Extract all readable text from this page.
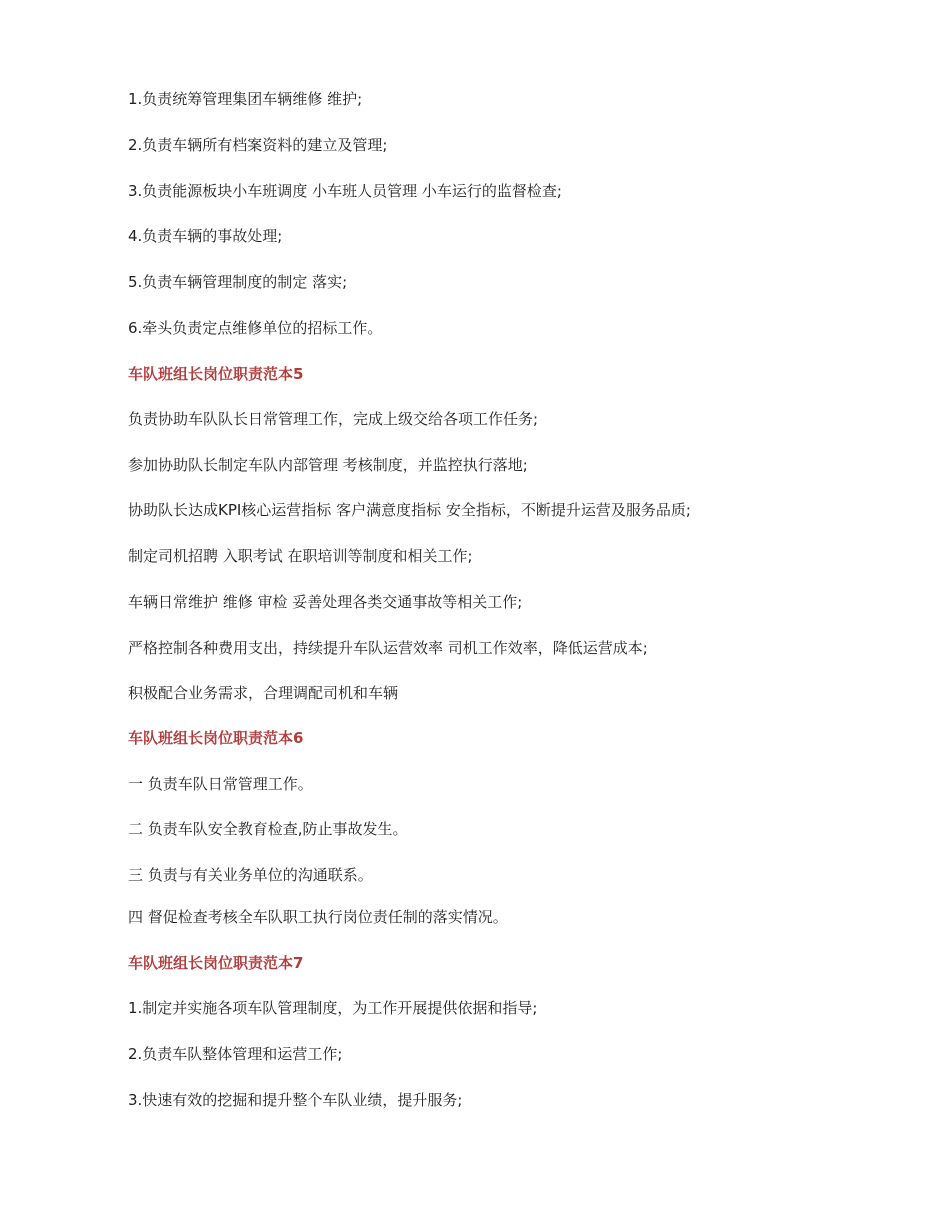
1.负责统筹管理集团车辆维修 维护;
2.负责车辆所有档案资料的建立及管理;
3.负责能源板块小车班调度 小车班人员管理 小车运行的监督检查;
4.负责车辆的事故处理;
5.负责车辆管理制度的制定 落实;
6.牵头负责定点维修单位的招标工作。
车队班组长岗位职责范本5
负责协助车队队长日常管理工作，完成上级交给各项工作任务;
参加协助队长制定车队内部管理 考核制度，并监控执行落地;
协助队长达成KPI核心运营指标 客户满意度指标 安全指标，不断提升运营及服务品质;
制定司机招聘 入职考试 在职培训等制度和相关工作;
车辆日常维护 维修 审检 妥善处理各类交通事故等相关工作;
严格控制各种费用支出，持续提升车队运营效率 司机工作效率，降低运营成本;
积极配合业务需求，合理调配司机和车辆
车队班组长岗位职责范本6
一 负责车队日常管理工作。
二 负责车队安全教育检查,防止事故发生。
三 负责与有关业务单位的沟通联系。
四 督促检查考核全车队职工执行岗位责任制的落实情况。
车队班组长岗位职责范本7
1.制定并实施各项车队管理制度，为工作开展提供依据和指导;
2.负责车队整体管理和运营工作;
3.快速有效的挖掘和提升整个车队业绩，提升服务;
